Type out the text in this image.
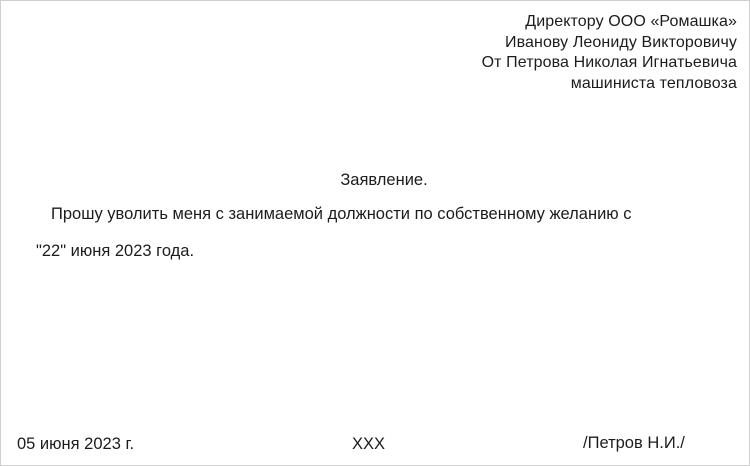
Директору ООО «Ромашка»
Иванову Леониду Викторовичу
От Петрова Николая Игнатьевича
машиниста тепловоза
Заявление.
Прошу уволить меня с занимаемой должности по собственному желанию с
"22" июня 2023 года.
05 июня 2023 г.	ХХХ	/Петров Н.И./
